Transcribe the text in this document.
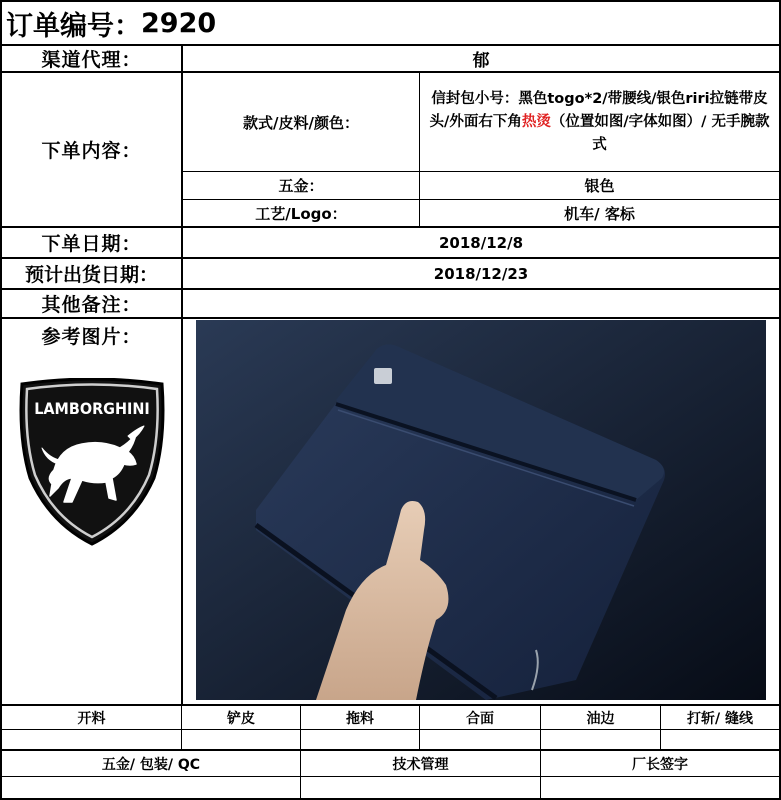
订单编号： 2920
渠道代理：	郁
下单内容：
款式/皮料/颜色：
信封包小号：黑色togo*2/带腰线/银色riri拉链带皮头/外面右下角热烫（位置如图/字体如图）/ 无手腕款式
五金：	银色
工艺/Logo：	机车/ 客标
下单日期：	2018/12/8
预计出货日期：	2018/12/23
其他备注：
参考图片：
LAMBORGHINI
开料	铲皮	拖料	合面	油边	打斩/ 缝线
五金/ 包装/ QC	技术管理	厂长签字
